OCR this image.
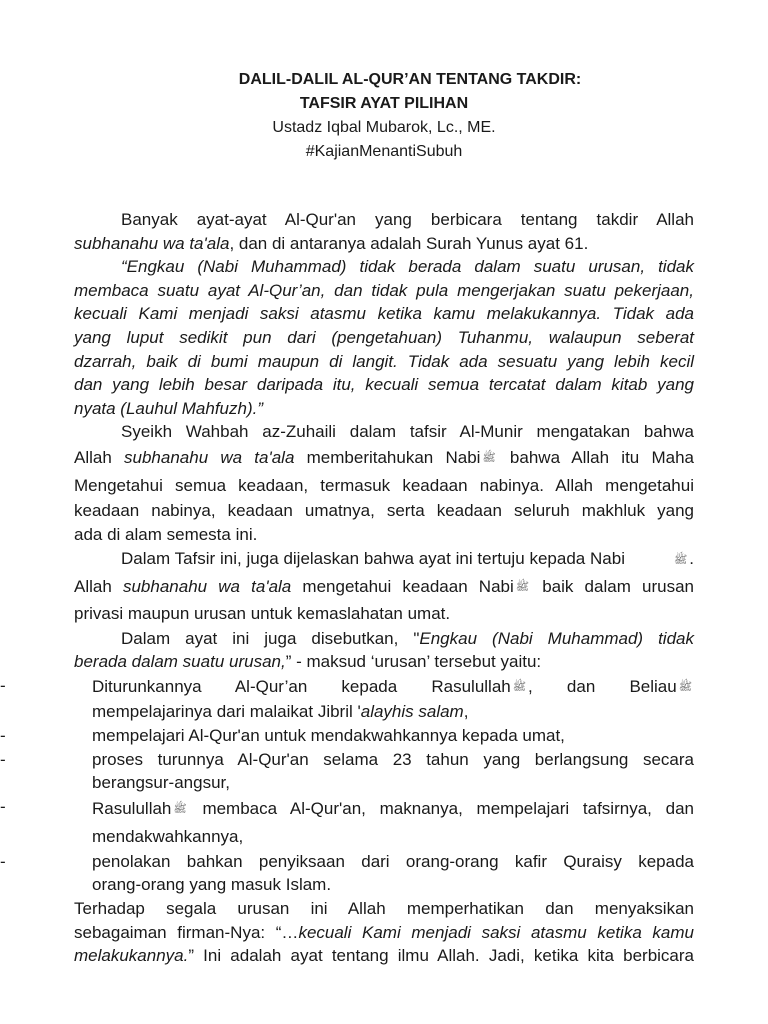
DALIL-DALIL AL-QUR’AN TENTANG TAKDIR:
TAFSIR AYAT PILIHAN
Ustadz Iqbal Mubarok, Lc., ME.
#KajianMenantiSubuh
Banyak ayat-ayat Al-Qur'an yang berbicara tentang takdir Allah
subhanahu wa ta'ala, dan di antaranya adalah Surah Yunus ayat 61.
“Engkau (Nabi Muhammad) tidak berada dalam suatu urusan, tidak
membaca suatu ayat Al-Qur’an, dan tidak pula mengerjakan suatu pekerjaan,
kecuali Kami menjadi saksi atasmu ketika kamu melakukannya. Tidak ada
yang luput sedikit pun dari (pengetahuan) Tuhanmu, walaupun seberat
dzarrah, baik di bumi maupun di langit. Tidak ada sesuatu yang lebih kecil
dan yang lebih besar daripada itu, kecuali semua tercatat dalam kitab yang
nyata (Lauhul Mahfuzh).”
Syeikh Wahbah az-Zuhaili dalam tafsir Al-Munir mengatakan bahwa
Allah subhanahu wa ta'ala memberitahukan Nabi ﷺ bahwa Allah itu Maha
Mengetahui semua keadaan, termasuk keadaan nabinya. Allah mengetahui
keadaan nabinya, keadaan umatnya, serta keadaan seluruh makhluk yang
ada di alam semesta ini.
Dalam Tafsir ini, juga dijelaskan bahwa ayat ini tertuju kepada Nabi	ﷺ .
Allah subhanahu wa ta'ala mengetahui keadaan Nabi ﷺ baik dalam urusan
privasi maupun urusan untuk kemaslahatan umat.
Dalam ayat ini juga disebutkan, "Engkau (Nabi Muhammad) tidak
berada dalam suatu urusan,” - maksud ‘urusan’ tersebut yaitu:
-	Diturunkannya Al-Qur’an kepada Rasulullah ﷺ , dan Beliau ﷺ
mempelajarinya dari malaikat Jibril 'alayhis salam,
-	mempelajari Al-Qur'an untuk mendakwahkannya kepada umat,
-	proses turunnya Al-Qur'an selama 23 tahun yang berlangsung secara
berangsur-angsur,
-	Rasulullah ﷺ membaca Al-Qur'an, maknanya, mempelajari tafsirnya, dan
mendakwahkannya,
-	penolakan bahkan penyiksaan dari orang-orang kafir Quraisy kepada
orang-orang yang masuk Islam.
Terhadap segala urusan ini Allah memperhatikan dan menyaksikan
sebagaiman firman-Nya: “…kecuali Kami menjadi saksi atasmu ketika kamu
melakukannya.” Ini adalah ayat tentang ilmu Allah. Jadi, ketika kita berbicara
